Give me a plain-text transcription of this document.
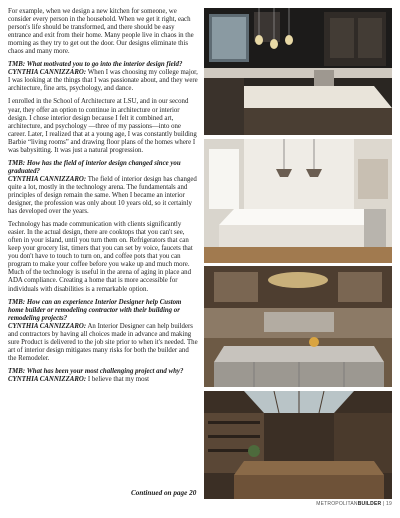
For example, when we design a new kitchen for someone, we consider every person in the household. When we get it right, each person's life should be transformed, and there should be easy entrance and exit from their home. Many people live in chaos in the morning as they try to get out the door. Our designs eliminate this chaos and many more.

TMB: What motivated you to go into the interior design field?
CYNTHIA CANNIZZARO: When I was choosing my college major, I was looking at the things that I was passionate about, and they were architecture, fine arts, psychology, and dance.

I enrolled in the School of Architecture at LSU, and in our second year, they offer an option to continue in architecture or interior design. I chose interior design because I felt it combined art, architecture, and psychology —three of my passions—into one career. Later, I realized that at a young age, I was constantly building Barbie “living rooms” and drawing floor plans of the homes where I was babysitting. It was just a natural progression.

TMB: How has the field of interior design changed since you graduated?
CYNTHIA CANNIZZARO: The field of interior design has changed quite a lot, mostly in the technology arena. The fundamentals and principles of design remain the same. When I became an interior designer, the profession was only about 10 years old, so it certainly has developed over the years.

Technology has made communication with clients significantly easier. In the actual design, there are cooktops that you can't see, often in your island, until you turn them on. Refrigerators that can keep your grocery list, timers that you can set by voice, faucets that you don't have to touch to turn on, and coffee pots that you can program to make your coffee before you wake up and much more. Much of the technology is useful in the arena of aging in place and ADA compliance. Creating a home that is more accessible for individuals with disabilities is a remarkable option.

TMB: How can an experience Interior Designer help Custom home builder or remodeling contractor with their building or remodeling projects?
CYNTHIA CANNIZZARO: An Interior Designer can help builders and contractors by having all choices made in advance and making sure Product is delivered to the job site prior to when it's needed. The art of interior design mitigates many risks for both the builder and the Remodeler.

TMB: What has been your most challenging project and why?
CYNTHIA CANNIZZARO: I believe that my most

Continued on page 20
METROPOLITANBUILDER | 19
